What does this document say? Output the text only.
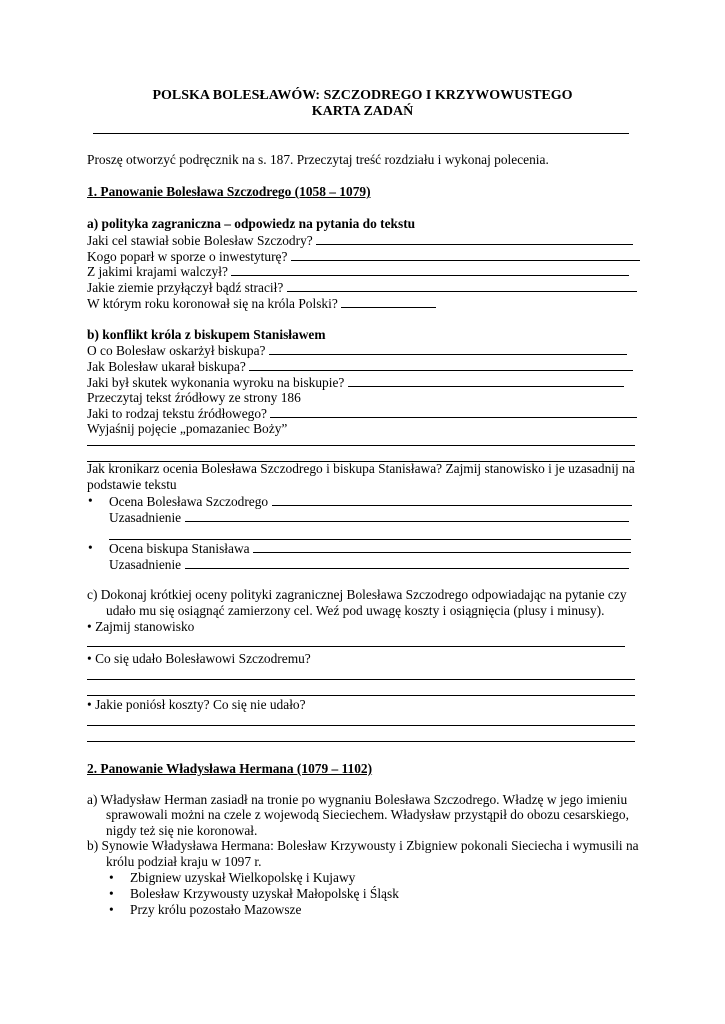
POLSKA BOLESŁAWÓW: SZCZODREGO I KRZYWOWUSTEGO
KARTA ZADAŃ
Proszę otworzyć podręcznik na s. 187. Przeczytaj treść rozdziału i wykonaj polecenia.
1. Panowanie Bolesława Szczodrego (1058 – 1079)
a) polityka zagraniczna – odpowiedz na pytania do tekstu
Jaki cel stawiał sobie Bolesław Szczodry?
Kogo poparł w sporze o inwestyturę?
Z jakimi krajami walczył?
Jakie ziemie przyłączył bądź stracił?
W którym roku koronował się na króla Polski?
b) konflikt króla z biskupem Stanisławem
O co Bolesław oskarżył biskupa?
Jak Bolesław ukarał biskupa?
Jaki był skutek wykonania wyroku na biskupie?
Przeczytaj tekst źródłowy ze strony 186
Jaki to rodzaj tekstu źródłowego?
Wyjaśnij pojęcie „pomazaniec Boży”
Jak kronikarz ocenia Bolesława Szczodrego i biskupa Stanisława? Zajmij stanowisko i je uzasadnij na
podstawie tekstu
• Ocena Bolesława Szczodrego
Uzasadnienie
• Ocena biskupa Stanisława
Uzasadnienie
c) Dokonaj krótkiej oceny polityki zagranicznej Bolesława Szczodrego odpowiadając na pytanie czy
udało mu się osiągnąć zamierzony cel. Weź pod uwagę koszty i osiągnięcia (plusy i minusy).
• Zajmij stanowisko
• Co się udało Bolesławowi Szczodremu?
• Jakie poniósł koszty? Co się nie udało?
2. Panowanie Władysława Hermana (1079 – 1102)
a) Władysław Herman zasiadł na tronie po wygnaniu Bolesława Szczodrego. Władzę w jego imieniu
sprawowali możni na czele z wojewodą Sieciechem. Władysław przystąpił do obozu cesarskiego,
nigdy też się nie koronował.
b) Synowie Władysława Hermana: Bolesław Krzywousty i Zbigniew pokonali Sieciecha i wymusili na
królu podział kraju w 1097 r.
• Zbigniew uzyskał Wielkopolskę i Kujawy
• Bolesław Krzywousty uzyskał Małopolskę i Śląsk
• Przy królu pozostało Mazowsze
